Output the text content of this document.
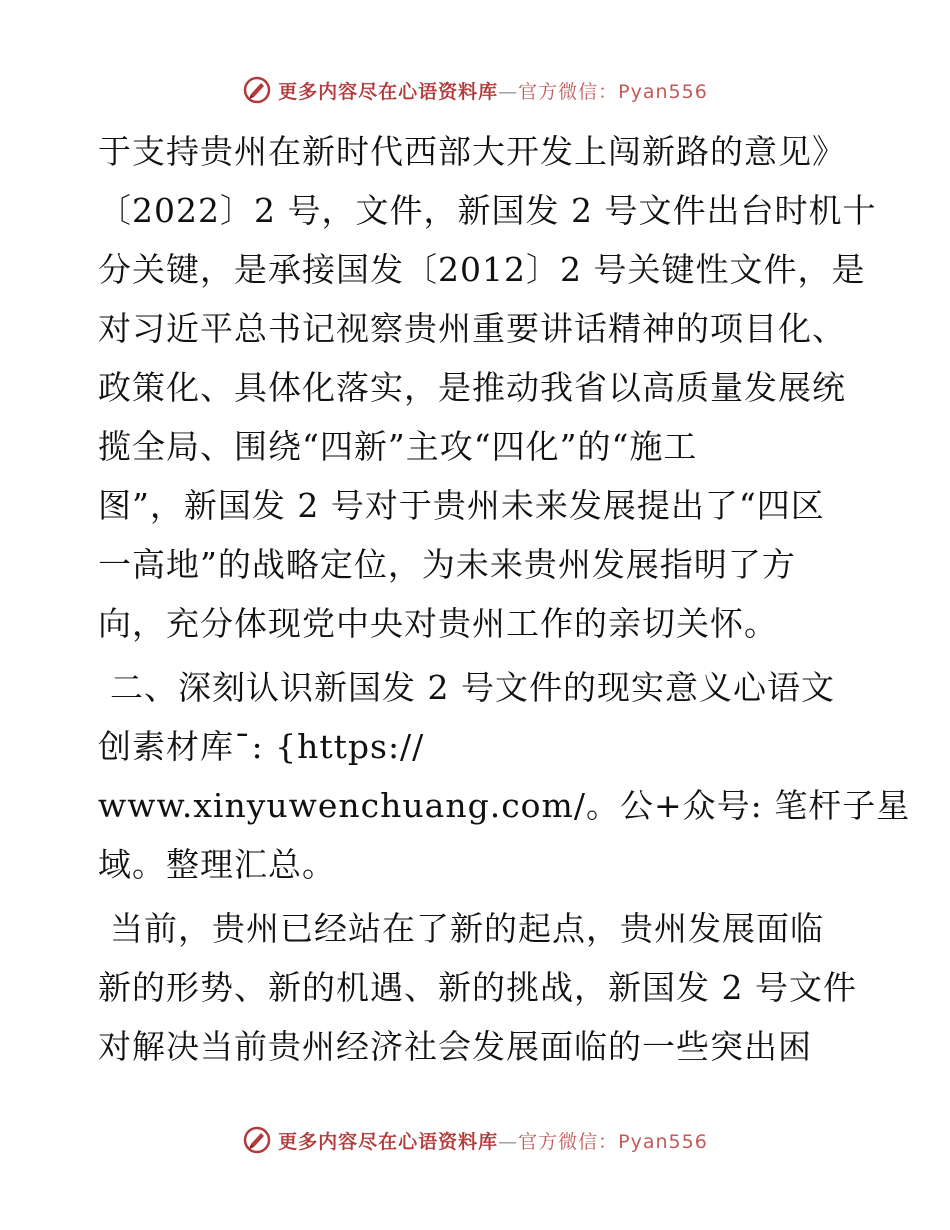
更多内容尽在心语资料库—官方微信：Pyan556
于支持贵州在新时代西部大开发上闯新路的意见》
〔2022〕2 号，文件，新国发 2 号文件出台时机十
分关键，是承接国发〔2012〕2 号关键性文件，是
对习近平总书记视察贵州重要讲话精神的项目化、
政策化、具体化落实，是推动我省以高质量发展统
揽全局、围绕“四新”主攻“四化”的“施工
图”，新国发 2 号对于贵州未来发展提出了“四区
一高地”的战略定位，为未来贵州发展指明了方
向，充分体现党中央对贵州工作的亲切关怀。
二、深刻认识新国发 2 号文件的现实意义心语文
创素材库¯: {https://
www.xinyuwenchuang.com/。公+众号: 笔杆子星
域。整理汇总。
当前，贵州已经站在了新的起点，贵州发展面临
新的形势、新的机遇、新的挑战，新国发 2 号文件
对解决当前贵州经济社会发展面临的一些突出困
更多内容尽在心语资料库—官方微信：Pyan556
